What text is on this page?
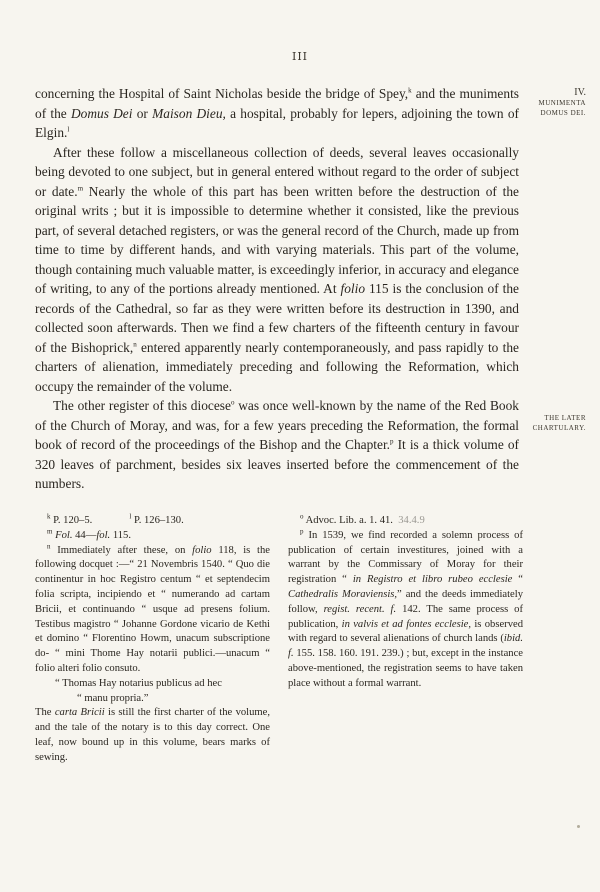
III
IV.
MUNIMENTA
DOMUS DEI.
THE LATER
CHARTULARY.

concerning the Hospital of Saint Nicholas beside the bridge of Spey,$^k$ and the muniments of the Domus Dei or Maison Dieu, a hospital, probably for lepers, adjoining the town of Elgin.$^l$

After these follow a miscellaneous collection of deeds, several leaves occasionally being devoted to one subject, but in general entered without regard to the order of subject or date.$^m$ Nearly the whole of this part has been written before the destruction of the original writs ; but it is impossible to determine whether it consisted, like the previous part, of several detached registers, or was the general record of the Church, made up from time to time by different hands, and with varying materials. This part of the volume, though containing much valuable matter, is exceedingly inferior, in accuracy and elegance of writing, to any of the portions already mentioned. At folio 115 is the conclusion of the records of the Cathedral, so far as they were written before its destruction in 1390, and collected soon afterwards. Then we find a few charters of the fifteenth century in favour of the Bishoprick,$^n$ entered apparently nearly contemporaneously, and pass rapidly to the charters of alienation, immediately preceding and following the Reformation, which occupy the remainder of the volume.

The other register of this diocese$^o$ was once well-known by the name of the Red Book of the Church of Moray, and was, for a few years preceding the Reformation, the formal book of record of the proceedings of the Bishop and the Chapter.$^p$ It is a thick volume of 320 leaves of parchment, besides six leaves inserted before the commencement of the numbers.

$^k$ P. 120–5.    	$^l$ P. 126–130.

$^m$ Fol. 44—fol. 115.

$^n$ Immediately after these, on folio 118, is the following docquet :—“ 21 Novembris 1540. “ Quo die continentur in hoc Registro centum “ et septendecim folia scripta, incipiendo et “ numerando ad cartam Bricii, et continuando “ usque ad presens folium. Testibus magistro “ Johanne Gordone vicario de Kethi et domino “ Florentino Howm, unacum subscriptione do- “ mini Thome Hay notarii publici.—unacum “ folio alteri folio consuto.

“ Thomas Hay notarius publicus ad hec

“ manu propria.”

The carta Bricii is still the first charter of the volume, and the tale of the notary is to this day correct. One leaf, now bound up in this volume, bears marks of sewing.

$^o$ Advoc. Lib. a. 1. 41.  34.4.9

$^p$ In 1539, we find recorded a solemn process of publication of certain investitures, joined with a warrant by the Commissary of Moray for their registration “ in Registro et libro rubeo ecclesie “ Cathedralis Moraviensis,” and the deeds immediately follow, regist. recent. f. 142. The same process of publication, in valvis et ad fontes ecclesie, is observed with regard to several alienations of church lands (ibid. f. 155. 158. 160. 191. 239.) ; but, except in the instance above-mentioned, the registration seems to have taken place without a formal warrant.
